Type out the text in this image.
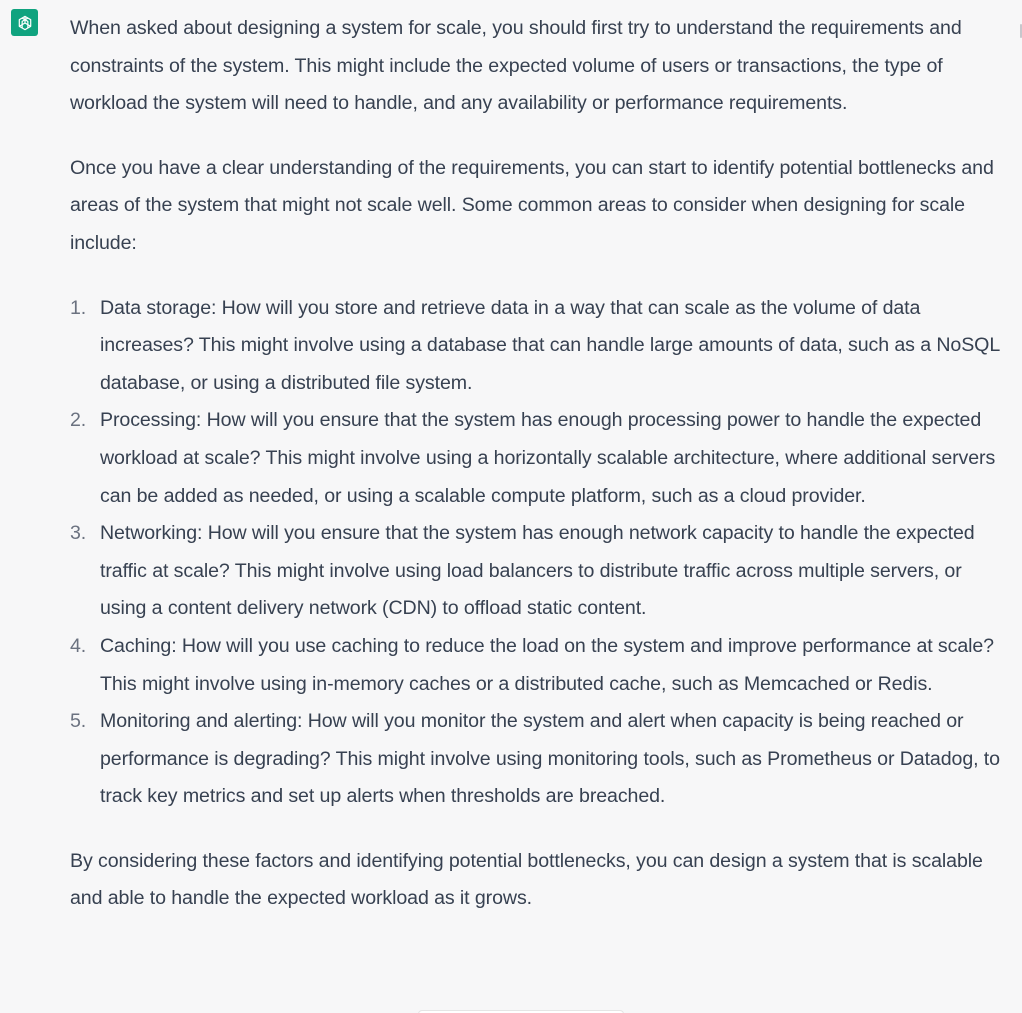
When asked about designing a system for scale, you should first try to understand the requirements and constraints of the system. This might include the expected volume of users or transactions, the type of workload the system will need to handle, and any availability or performance requirements.

Once you have a clear understanding of the requirements, you can start to identify potential bottlenecks and areas of the system that might not scale well. Some common areas to consider when designing for scale include:

1. Data storage: How will you store and retrieve data in a way that can scale as the volume of data increases? This might involve using a database that can handle large amounts of data, such as a NoSQL database, or using a distributed file system.
2. Processing: How will you ensure that the system has enough processing power to handle the expected workload at scale? This might involve using a horizontally scalable architecture, where additional servers can be added as needed, or using a scalable compute platform, such as a cloud provider.
3. Networking: How will you ensure that the system has enough network capacity to handle the expected traffic at scale? This might involve using load balancers to distribute traffic across multiple servers, or using a content delivery network (CDN) to offload static content.
4. Caching: How will you use caching to reduce the load on the system and improve performance at scale? This might involve using in-memory caches or a distributed cache, such as Memcached or Redis.
5. Monitoring and alerting: How will you monitor the system and alert when capacity is being reached or performance is degrading? This might involve using monitoring tools, such as Prometheus or Datadog, to track key metrics and set up alerts when thresholds are breached.

By considering these factors and identifying potential bottlenecks, you can design a system that is scalable and able to handle the expected workload as it grows.
